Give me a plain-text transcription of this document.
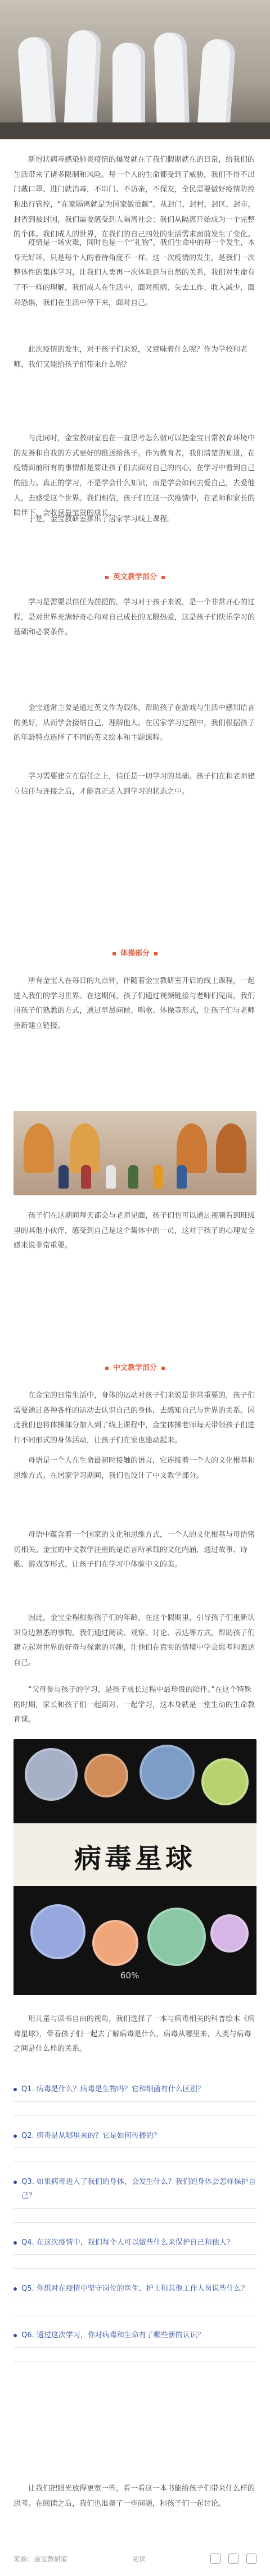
新冠状病毒感染肺炎疫情的爆发就在了我们假期就在的日常，给我们的生活带来了诸多限制和风险。每一个人的生命都受到了威胁，我们不得不出门戴口罩、进门就消毒，不串门、不访亲，不探友，全民需要做好疫情防控和出行管控，“在家隔离就是为国家做贡献”，从封门，封村，封区，封市，封省到被封国，我们需要感受到人隔离社会；我们从隔离开始成为一个完整的个体。我们成人的世界，在我们的自己四处的生活需求面前发生了变化。
疫情是一场灾难，同时也是一个“礼物”，我们生命中的每一个发生，本身无好坏，只是每个人的看待角度不一样。这一次疫情的发生，是我们一次整体性的集体学习，让我们人类再一次体验到与自然的关系，我们对生命有了不一样的理解，我们成人在生活中，面对疾病、失去工作、收入减少，面对恐惧，我们在生活中停下来，面对自己。
此次疫情的发生，对于孩子们来说，又意味着什么呢？作为学校和老师，我们又能给孩子们带来什么呢？
与此同时，金宝教研室也在一直思考怎么做可以把金宝日常教育环境中的友善和自我的方式更好的推送给孩子。作为教育者，我们清楚的知道，在疫情面前所有的事情都是要让孩子们去面对自己的内心，在学习中看到自己的能力。真正的学习，不是学会什么知识，而是学会如何去爱自己，去爱他人，去感受这个世界。我们相信，孩子们在这一次疫情中，在老师和家长的陪伴下，会收获最宝贵的成长。
于是，金宝教研室推出了居家学习线上课程。
英文教学部分
学习是需要以信任为前提的。学习对于孩子来说，是一个非常开心的过程，是对世界充满好奇心和对自己成长的无限热爱，这是孩子们快乐学习的基础和必要条件。
金宝通常主要是通过英文作为载体，帮助孩子在游戏与生活中感知语言的美好，从而学会接纳自己，理解他人。在居家学习过程中，我们根据孩子的年龄特点选择了不同的英文绘本和主题课程。
学习需要建立在信任之上，信任是一切学习的基础。孩子们在和老师建立信任与连接之后，才能真正进入到学习的状态之中。
体操部分
所有金宝人在每日的九点钟，伴随着金宝教研室开启的线上课程，一起进入我们的学习世界。在这期间，孩子们通过视频链接与老师们见面，我们用孩子们熟悉的方式，通过早晨问候、唱歌、体操等形式，让孩子们与老师重新建立链接。
孩子们在这期间每天都会与老师见面，孩子们也可以通过视频看到班级里的其他小伙伴，感受到自己是这个集体中的一员，这对于孩子的心理安全感来说非常重要。
在金宝的日常生活中，身体的运动对孩子们来说是非常重要的，孩子们需要通过各种各样的运动去认识自己的身体，去感知自己与世界的关系。因此我们也将体操部分加入到了线上课程中，金宝体操老师每天带领孩子们进行不同形式的身体活动，让孩子们在家也能动起来。
中文教学部分
母语是一个人在生命最初时接触的语言，它连接着一个人的文化根基和思维方式。在居家学习期间，我们也设计了中文教学部分。
母语中蕴含着一个国家的文化和思维方式，一个人的文化根基与母语密切相关。金宝的中文教学注重的是语言所承载的文化内涵，通过故事、诗歌、游戏等形式，让孩子们在学习中体验中文的美。
因此，金宝全程根据孩子们的年龄，在这个假期里，引导孩子们重新认识身边熟悉的事物，我们通过阅读、观察、讨论、表达等方式，帮助孩子们建立起对世界的好奇与探索的兴趣，让他们在真实的情境中学会思考和表达自己。
“父母参与孩子的学习，是孩子成长过程中最珍贵的陪伴。”在这个特殊的时期，家长和孩子们一起面对、一起学习，这本身就是一堂生动的生命教育课。
病毒星球
60%
用儿童与读书自由的视角，我们选择了一本与病毒相关的科普绘本《病毒星球》，带着孩子们一起去了解病毒是什么，病毒从哪里来，人类与病毒之间是什么样的关系。
Q1. 病毒是什么？病毒是生物吗？它和细菌有什么区别？
Q2. 病毒是从哪里来的？它是如何传播的？
Q3. 如果病毒进入了我们的身体，会发生什么？我们的身体会怎样保护自己？
Q4. 在这次疫情中，我们每个人可以做些什么来保护自己和他人？
Q5. 你想对在疫情中坚守岗位的医生、护士和其他工作人员说些什么？
Q6. 通过这次学习，你对病毒和生命有了哪些新的认识？
让我们把眼光放得更宽一些，看一看这一本书能给孩子们带来什么样的思考。在阅读之后，我们也准备了一些问题，和孩子们一起讨论。
来源：金宝教研室	阅读
